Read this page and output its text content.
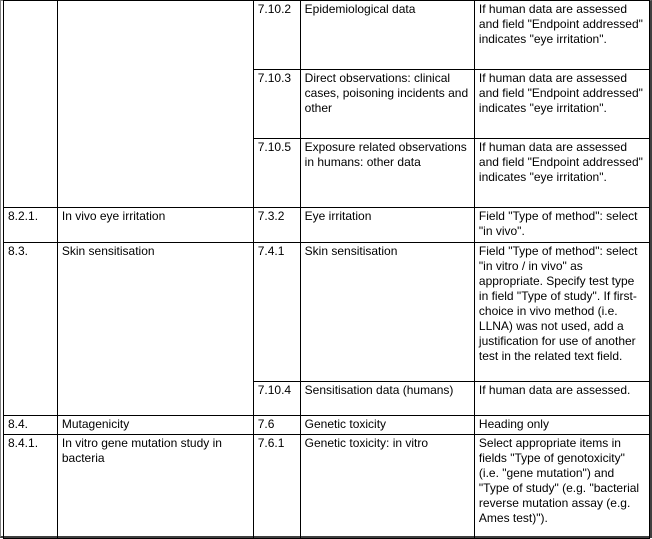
		7.10.2	Epidemiological data	If human data are assessed and field "Endpoint addressed" indicates "eye irritation".
		7.10.3	Direct observations: clinical cases, poisoning incidents and other	If human data are assessed and field "Endpoint addressed" indicates "eye irritation".
		7.10.5	Exposure related observations in humans: other data	If human data are assessed and field "Endpoint addressed" indicates "eye irritation".
8.2.1.	In vivo eye irritation	7.3.2	Eye irritation	Field "Type of method": select "in vivo".
8.3.	Skin sensitisation	7.4.1	Skin sensitisation	Field "Type of method": select "in vitro / in vivo" as appropriate. Specify test type in field "Type of study". If first-choice in vivo method (i.e. LLNA) was not used, add a justification for use of another test in the related text field.
		7.10.4	Sensitisation data (humans)	If human data are assessed.
8.4.	Mutagenicity	7.6	Genetic toxicity	Heading only
8.4.1.	In vitro gene mutation study in bacteria	7.6.1	Genetic toxicity: in vitro	Select appropriate items in fields "Type of genotoxicity" (i.e. "gene mutation") and "Type of study" (e.g. "bacterial reverse mutation assay (e.g. Ames test)").
